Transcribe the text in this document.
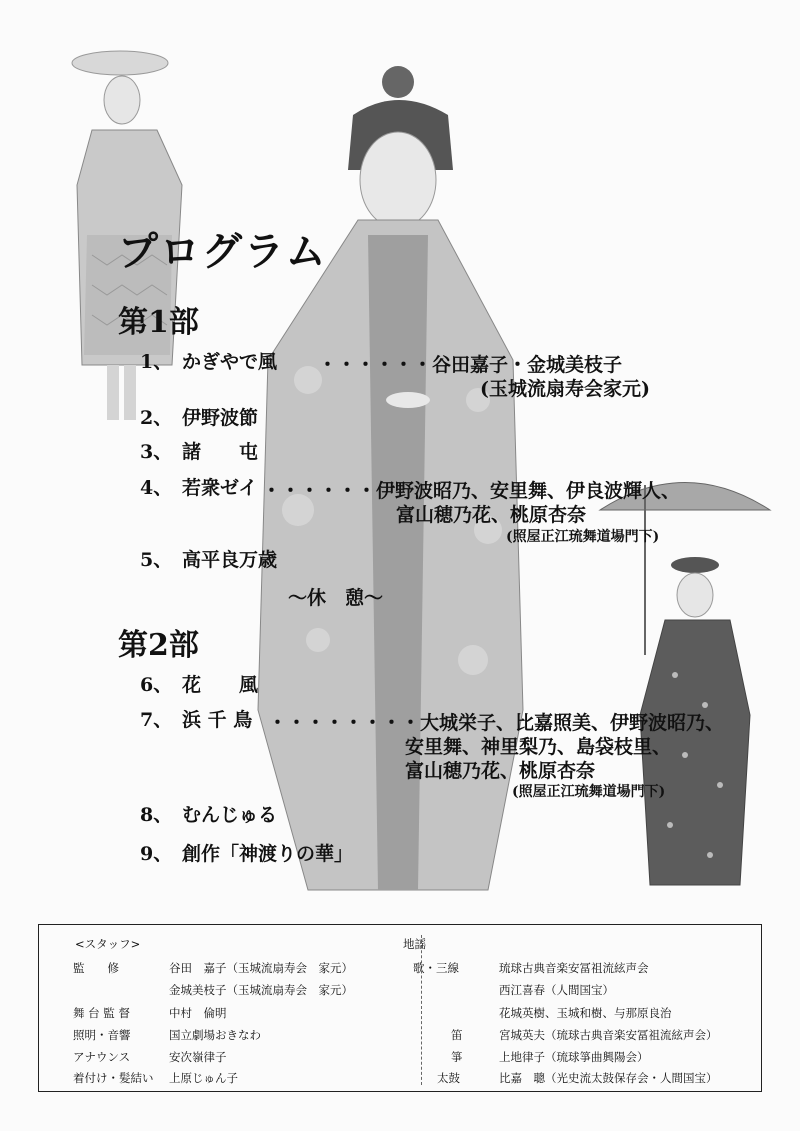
プログラム
第1部
1、 かぎやで風 ・・・・・・谷田嘉子・金城美枝子
(玉城流扇寿会家元)
2、 伊野波節
3、 諸　　屯
4、 若衆ゼイ ・・・・・・伊野波昭乃、安里舞、伊良波輝人、
富山穂乃花、桃原杏奈
(照屋正江琉舞道場門下)
5、 高平良万歳
～休　憩～
第2部
6、 花　　風
7、 浜 千 鳥 ・・・・・・・・大城栄子、比嘉照美、伊野波昭乃、
安里舞、神里梨乃、島袋枝里、
富山穂乃花、桃原杏奈
(照屋正江琉舞道場門下)
8、 むんじゅる
9、 創作「神渡りの華」
<スタッフ>
監　　修	谷田　嘉子（玉城流扇寿会　家元）
金城美枝子（玉城流扇寿会　家元）
舞 台 監 督	中村　倫明
照明・音響	国立劇場おきなわ
アナウンス	安次嶺律子
着付け・髪結い 上原じゅん子
地謡
歌・三線	琉球古典音楽安冨祖流絃声会
西江喜春（人間国宝）
花城英樹、玉城和樹、与那原良治
笛	宮城英夫（琉球古典音楽安冨祖流絃声会）
箏	上地律子（琉球箏曲興陽会）
太鼓	比嘉　聰（光史流太鼓保存会・人間国宝）
